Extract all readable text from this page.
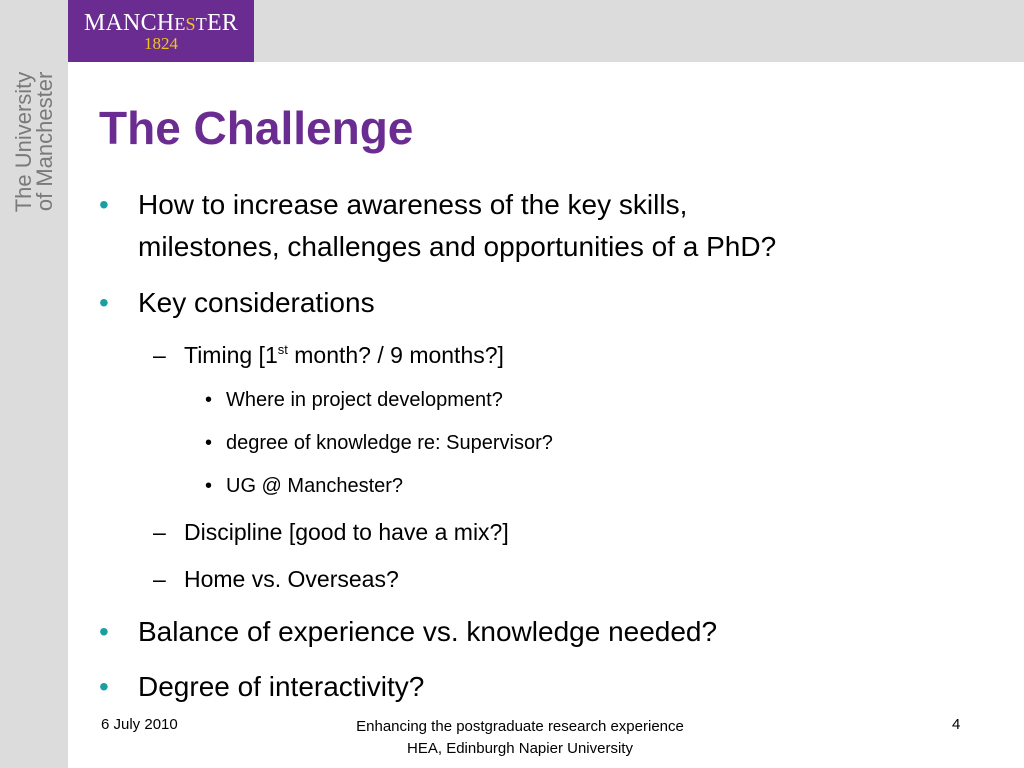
MANCHESTER
1824
The University
of Manchester The Challenge
• How to increase awareness of the key skills,
milestones, challenges and opportunities of a PhD?
• Key considerations
– Timing [1st month? / 9 months?]
• Where in project development?
• degree of knowledge re: Supervisor?
• UG @ Manchester?
– Discipline [good to have a mix?]
– Home vs. Overseas?
• Balance of experience vs. knowledge needed?
• Degree of interactivity?
6 July 2010	Enhancing the postgraduate research experience
HEA, Edinburgh Napier University
4
